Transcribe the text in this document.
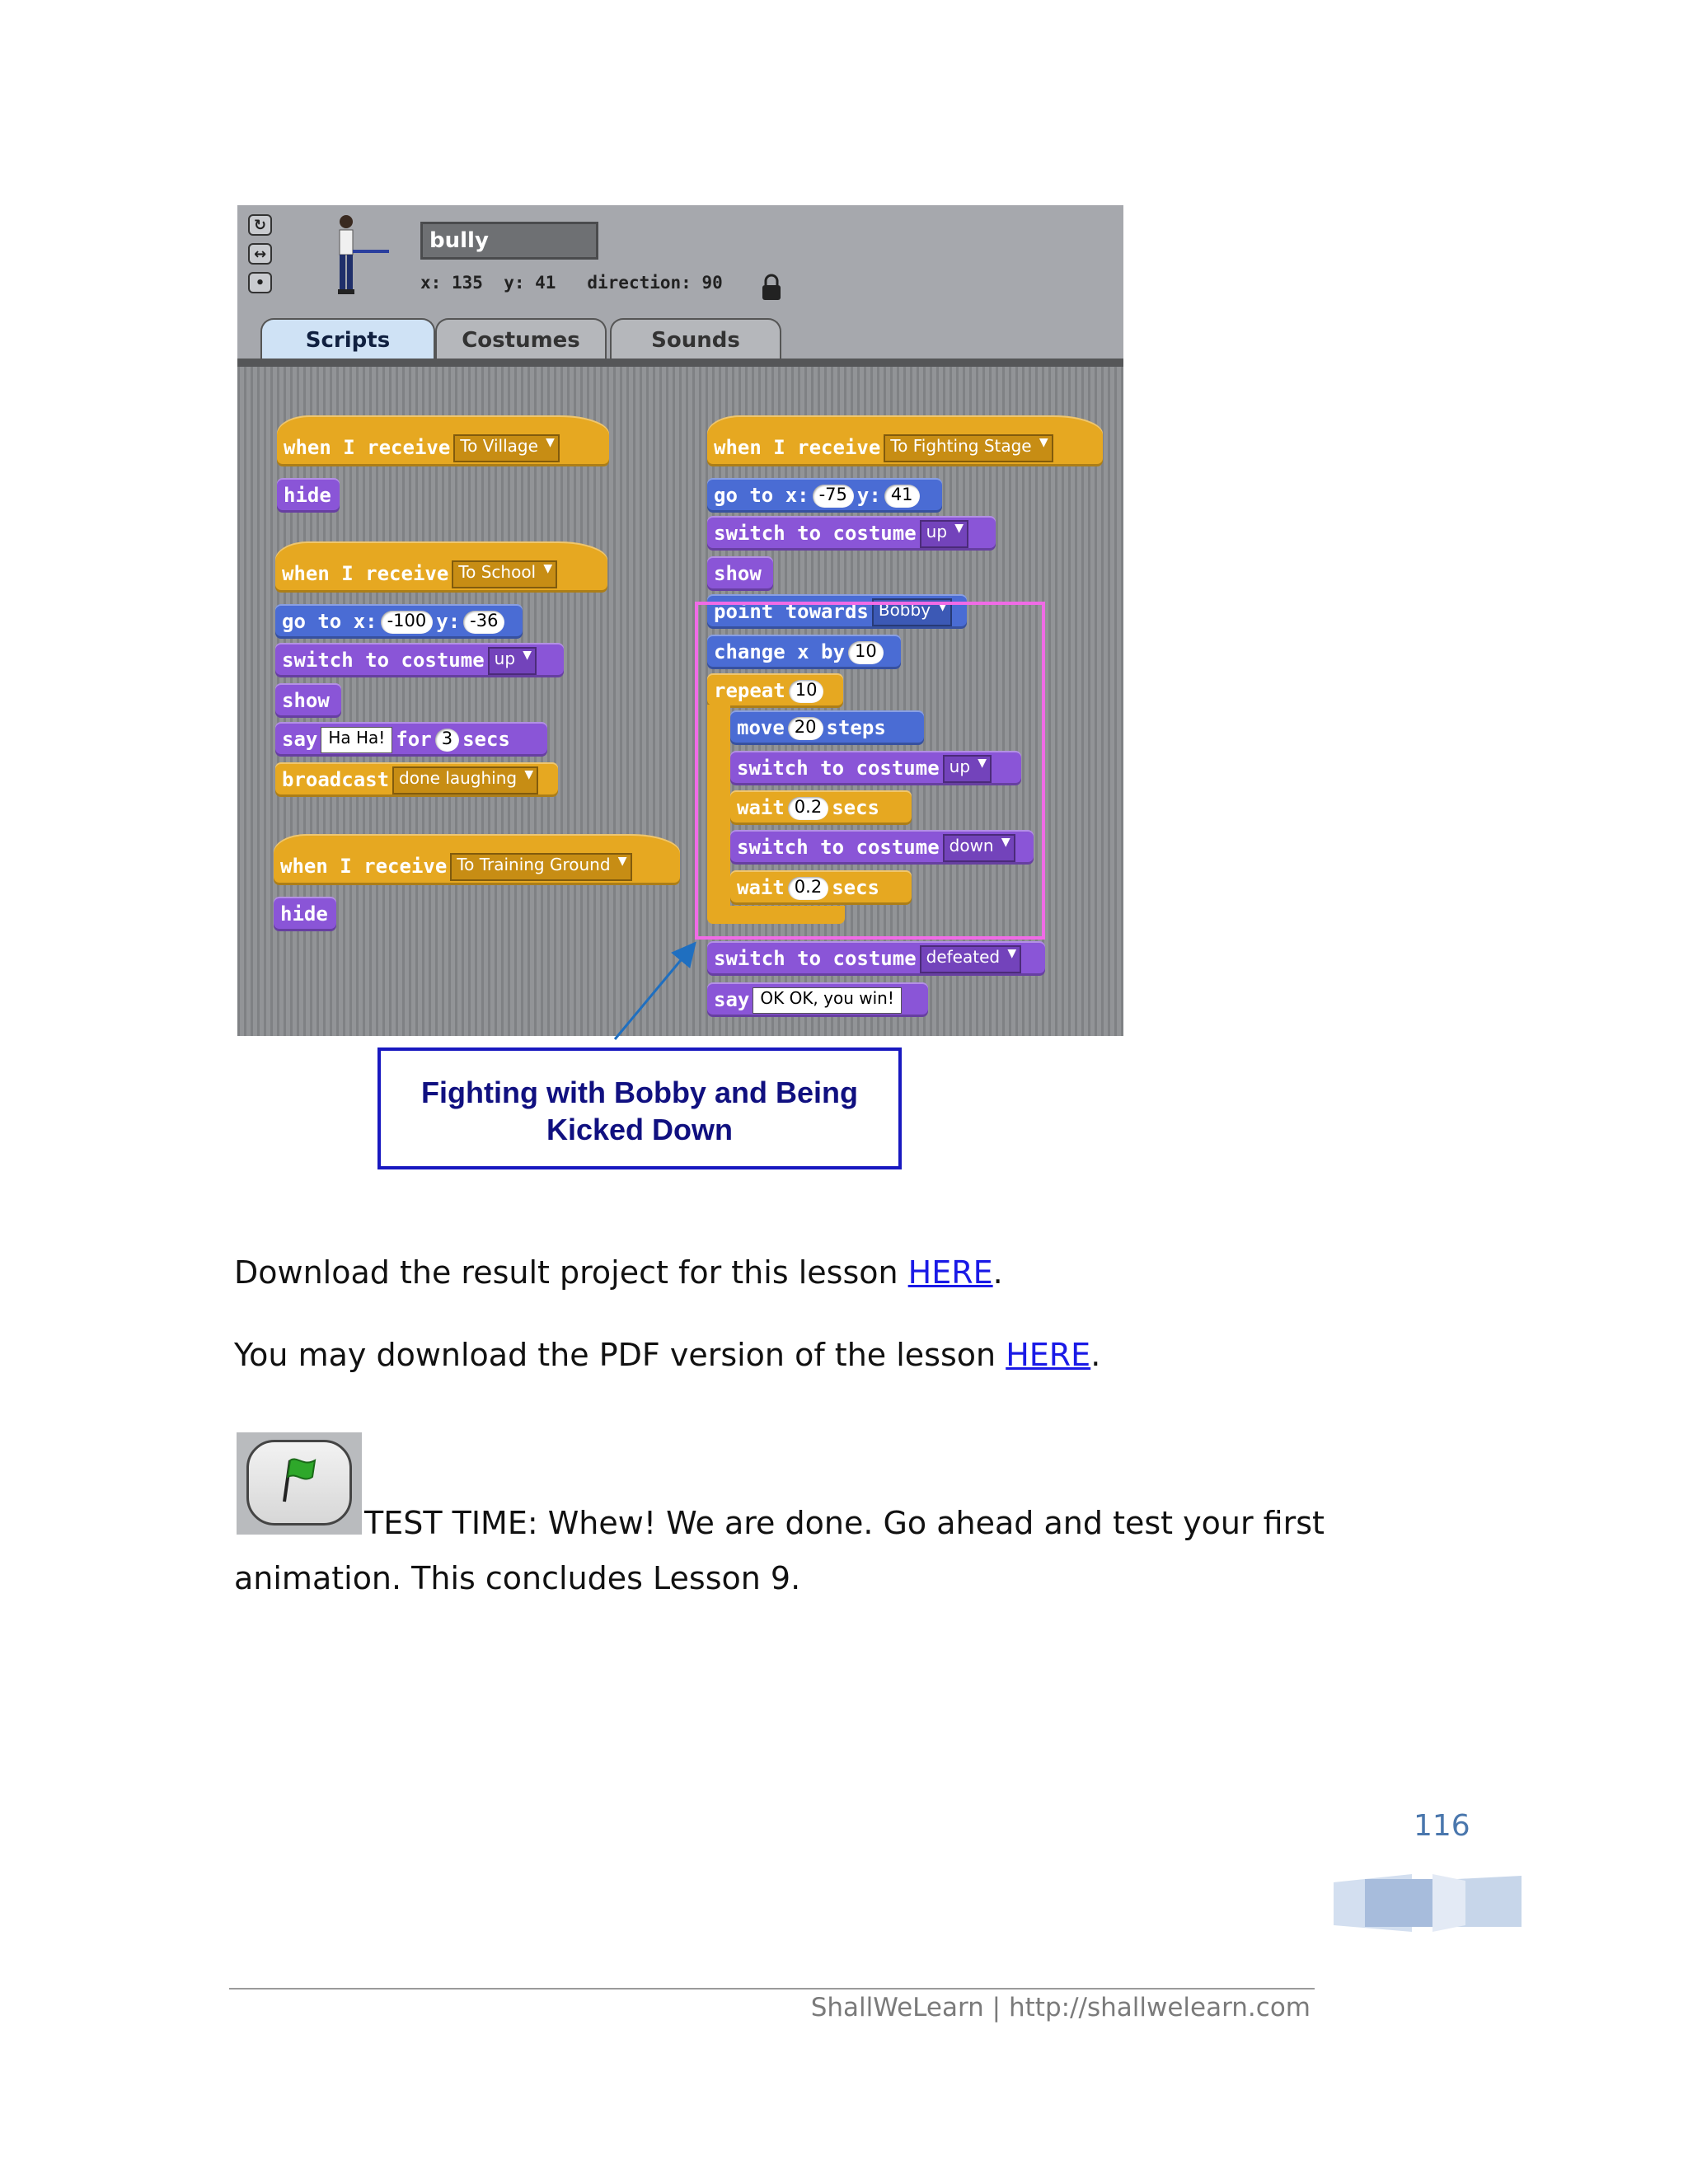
↻
↔
•
bully
x: 135 y: 41 direction: 90
Scripts	Costumes	Sounds
when I receive To Village ▼
hide
when I receive To School ▼
go to x: -100 y: -36
switch to costume up ▼
show
say Ha Ha! for 3 secs
broadcast done laughing ▼
when I receive To Training Ground ▼
hide
when I receive To Fighting Stage ▼
go to x: -75 y: 41
switch to costume up ▼
show
point towards Bobby ▼
change x by 10
repeat 10
move 20 steps
switch to costume up ▼
wait 0.2 secs
switch to costume down ▼
wait 0.2 secs
switch to costume defeated ▼
say OK OK, you win!
Fighting with Bobby and Being
Kicked Down
Download the result project for this lesson HERE.
You may download the PDF version of the lesson HERE.
TEST TIME: Whew! We are done. Go ahead and test your first
animation. This concludes Lesson 9.
116
ShallWeLearn | http://shallwelearn.com
